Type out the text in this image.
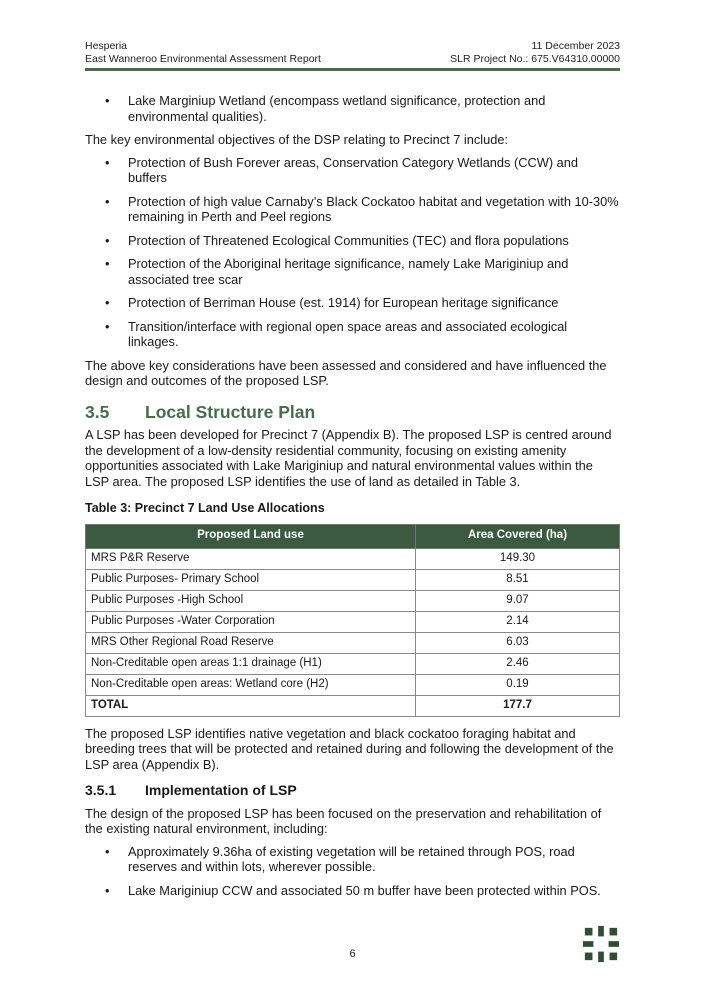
Hesperia	11 December 2023
East Wanneroo Environmental Assessment Report	SLR Project No.: 675.V64310.00000
• Lake Marginiup Wetland (encompass wetland significance, protection and environmental qualities).

The key environmental objectives of the DSP relating to Precinct 7 include:

• Protection of Bush Forever areas, Conservation Category Wetlands (CCW) and buffers
• Protection of high value Carnaby’s Black Cockatoo habitat and vegetation with 10-30% remaining in Perth and Peel regions
• Protection of Threatened Ecological Communities (TEC) and flora populations
• Protection of the Aboriginal heritage significance, namely Lake Mariginiup and associated tree scar
• Protection of Berriman House (est. 1914) for European heritage significance
• Transition/interface with regional open space areas and associated ecological linkages.

The above key considerations have been assessed and considered and have influenced the design and outcomes of the proposed LSP.

3.5	Local Structure Plan

A LSP has been developed for Precinct 7 (Appendix B). The proposed LSP is centred around the development of a low-density residential community, focusing on existing amenity opportunities associated with Lake Mariginiup and natural environmental values within the LSP area. The proposed LSP identifies the use of land as detailed in Table 3.

Table 3: Precinct 7 Land Use Allocations
Proposed Land use	Area Covered (ha)
MRS P&R Reserve	149.30
Public Purposes- Primary School	8.51
Public Purposes -High School	9.07
Public Purposes -Water Corporation	2.14
MRS Other Regional Road Reserve	6.03
Non-Creditable open areas 1:1 drainage (H1)	2.46
Non-Creditable open areas: Wetland core (H2)	0.19
TOTAL	177.7

The proposed LSP identifies native vegetation and black cockatoo foraging habitat and breeding trees that will be protected and retained during and following the development of the LSP area (Appendix B).

3.5.1	Implementation of LSP

The design of the proposed LSP has been focused on the preservation and rehabilitation of the existing natural environment, including:

• Approximately 9.36ha of existing vegetation will be retained through POS, road reserves and within lots, wherever possible.
• Lake Mariginiup CCW and associated 50 m buffer have been protected within POS.
6
